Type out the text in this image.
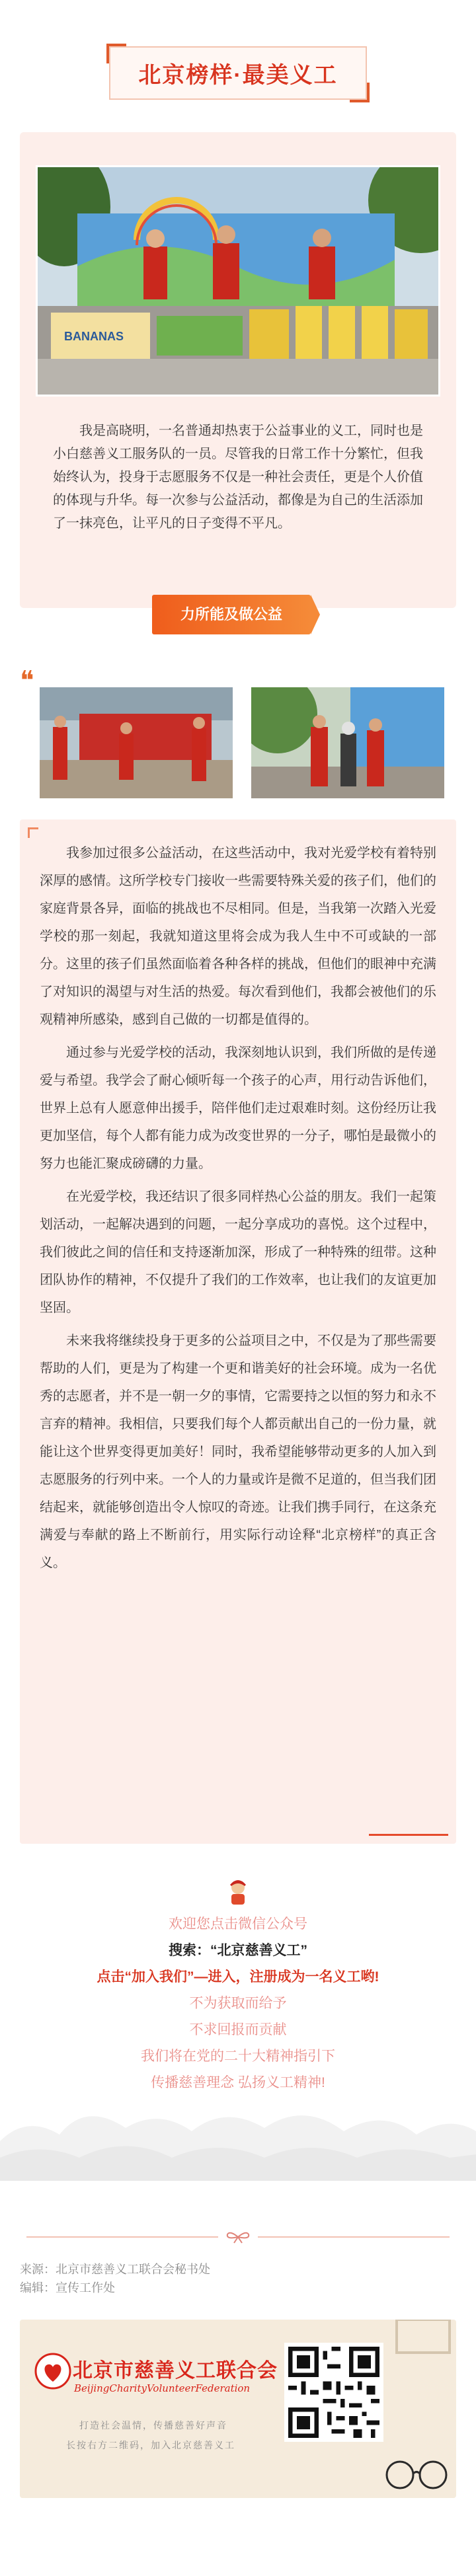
北京榜样·最美义工
BANANAS

我是高晓明，一名普通却热衷于公益事业的义工，同时也是小白慈善义工服务队的一员。尽管我的日常工作十分繁忙，但我始终认为，投身于志愿服务不仅是一种社会责任，更是个人价值的体现与升华。每一次参与公益活动，都像是为自己的生活添加了一抹亮色，让平凡的日子变得不平凡。

力所能及做公益
❝

我参加过很多公益活动，在这些活动中，我对光爱学校有着特别深厚的感情。这所学校专门接收一些需要特殊关爱的孩子们，他们的家庭背景各异，面临的挑战也不尽相同。但是，当我第一次踏入光爱学校的那一刻起，我就知道这里将会成为我人生中不可或缺的一部分。这里的孩子们虽然面临着各种各样的挑战，但他们的眼神中充满了对知识的渴望与对生活的热爱。每次看到他们，我都会被他们的乐观精神所感染，感到自己做的一切都是值得的。

通过参与光爱学校的活动，我深刻地认识到，我们所做的是传递爱与希望。我学会了耐心倾听每一个孩子的心声，用行动告诉他们，世界上总有人愿意伸出援手，陪伴他们走过艰难时刻。这份经历让我更加坚信，每个人都有能力成为改变世界的一分子，哪怕是最微小的努力也能汇聚成磅礴的力量。

在光爱学校，我还结识了很多同样热心公益的朋友。我们一起策划活动，一起解决遇到的问题，一起分享成功的喜悦。这个过程中，我们彼此之间的信任和支持逐渐加深，形成了一种特殊的纽带。这种团队协作的精神，不仅提升了我们的工作效率，也让我们的友谊更加坚固。

未来我将继续投身于更多的公益项目之中，不仅是为了那些需要帮助的人们，更是为了构建一个更和谐美好的社会环境。成为一名优秀的志愿者，并不是一朝一夕的事情，它需要持之以恒的努力和永不言弃的精神。我相信，只要我们每个人都贡献出自己的一份力量，就能让这个世界变得更加美好！同时，我希望能够带动更多的人加入到志愿服务的行列中来。一个人的力量或许是微不足道的，但当我们团结起来，就能够创造出令人惊叹的奇迹。让我们携手同行，在这条充满爱与奉献的路上不断前行，用实际行动诠释“北京榜样”的真正含义。

欢迎您点击微信公众号
搜索：“北京慈善义工”
点击“加入我们”—进入，注册成为一名义工哟!
不为获取而给予
不求回报而贡献
我们将在党的二十大精神指引下
传播慈善理念 弘扬义工精神!
来源：北京市慈善义工联合会秘书处
编辑：宣传工作处
北京市慈善义工联合会
BeijingCharityVolunteerFederation
打造社会温情，传播慈善好声音
长按右方二维码，加入北京慈善义工
